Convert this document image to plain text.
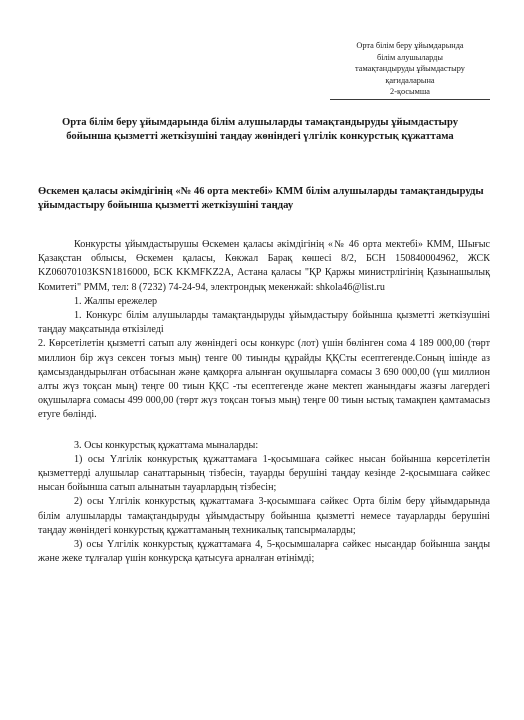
Орта білім беру ұйымдарында
білім алушыларды
тамақтандыруды ұйымдастыру
қағидаларына
2-қосымша
Орта білім беру ұйымдарында білім алушыларды тамақтандыруды ұйымдастыру бойынша қызметті жеткізушіні таңдау жөніндегі үлгілік конкурстық құжаттама
Өскемен қаласы әкімдігінің «№ 46 орта мектебі» КММ білім алушыларды тамақтандыруды ұйымдастыру бойынша қызметті жеткізушіні таңдау

Конкурсты ұйымдастырушы Өскемен қаласы әкімдігінің «№ 46 орта мектебі» КММ, Шығыс Қазақстан облысы, Өскемен қаласы, Көкжал Барақ көшесі 8/2, БСН 150840004962, ЖСК KZ06070103KSN1816000, БСК KKMFKZ2A, Астана қаласы "ҚР Қаржы министрлігінің Қазынашылық Комитеті" РММ, тел: 8 (7232) 74-24-94, электрондық мекенжай: shkola46@list.ru

1. Жалпы ережелер

1. Конкурс білім алушыларды тамақтандыруды ұйымдастыру бойынша қызметті жеткізушіні таңдау мақсатында өткізіледі

2. Көрсетілетін қызметті сатып алу жөніндегі осы конкурс (лот) үшін бөлінген сома 4 189 000,00 (төрт миллион бір жүз сексен тоғыз мың) тенге 00 тиынды құрайды ҚҚСты есептегенде.Соның ішінде аз қамсыздандырылған отбасынан және қамқорға алынған оқушыларға сомасы 3 690 000,00 (үш миллион алты жүз тоқсан мың) теңге 00 тиын ҚҚС -ты есептегенде және мектеп жанындағы жазғы лагердегі оқушыларға сомасы 499 000,00 (төрт жүз тоқсан тоғыз мың) теңге 00 тиын ыстық тамақпен қамтамасыз етуге бөлінді.

3. Осы конкурстық құжаттама мыналарды:

1) осы Үлгілік конкурстық құжаттамаға 1-қосымшаға сәйкес нысан бойынша көрсетілетін қызметтерді алушылар санаттарының тізбесін, тауарды берушіні таңдау кезінде 2-қосымшаға сәйкес нысан бойынша сатып алынатын тауарлардың тізбесін;

2) осы Үлгілік конкурстық құжаттамаға 3-қосымшаға сәйкес Орта білім беру ұйымдарында білім алушыларды тамақтандыруды ұйымдастыру бойынша қызметті немесе тауарларды берушіні таңдау жөніндегі конкурстық құжаттаманың техникалық тапсырмаларды;

3) осы Үлгілік конкурстық құжаттамаға 4, 5-қосымшаларға сәйкес нысандар бойынша заңды және жеке тұлғалар үшін конкурсқа қатысуға арналған өтінімді;
